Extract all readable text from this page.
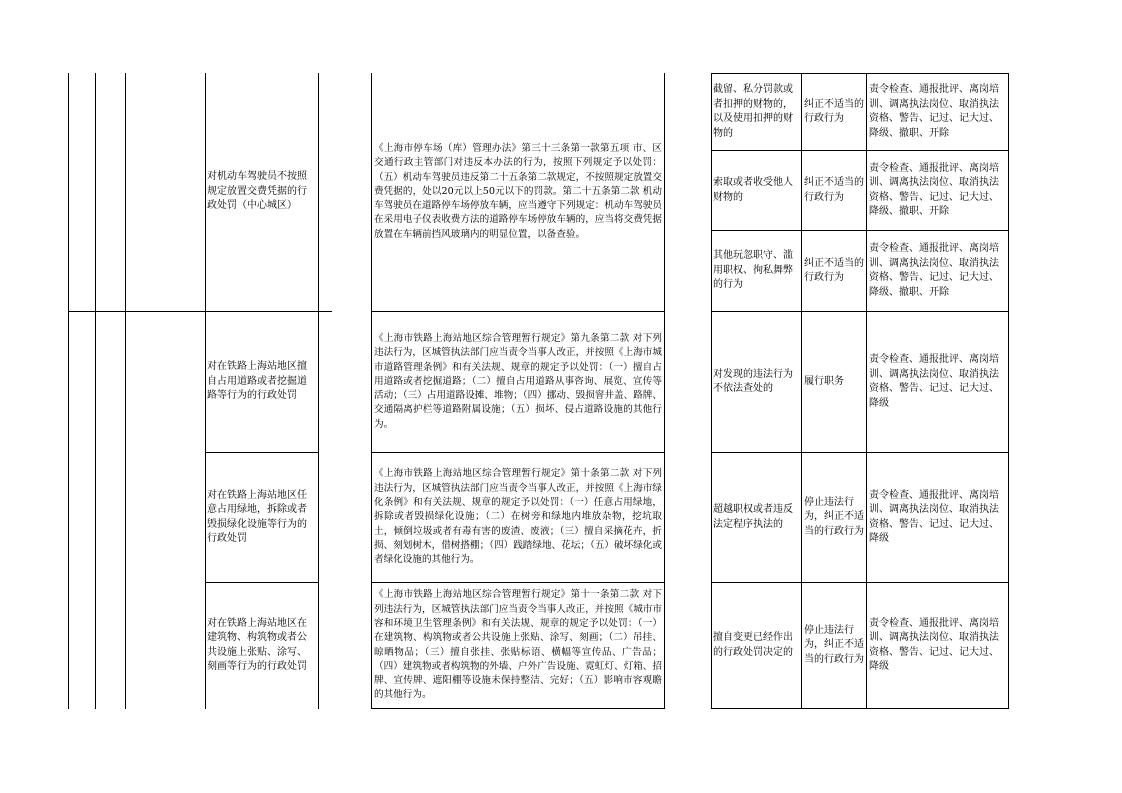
对机动车驾驶员不按照规定放置交费凭据的行政处罚（中心城区）
《上海市停车场（库）管理办法》第三十三条第一款第五项 市、区交通行政主管部门对违反本办法的行为，按照下列规定予以处罚：（五）机动车驾驶员违反第二十五条第二款规定，不按照规定放置交费凭据的，处以20元以上50元以下的罚款。第二十五条第二款 机动车驾驶员在道路停车场停放车辆，应当遵守下列规定：机动车驾驶员在采用电子仪表收费方法的道路停车场停放车辆的，应当将交费凭据放置在车辆前挡风玻璃内的明显位置，以备查验。
截留、私分罚款或者扣押的财物的，以及使用扣押的财物的
纠正不适当的行政行为
责令检查、通报批评、离岗培训、调离执法岗位、取消执法资格、警告、记过、记大过、降级、撤职、开除
索取或者收受他人财物的
纠正不适当的行政行为
责令检查、通报批评、离岗培训、调离执法岗位、取消执法资格、警告、记过、记大过、降级、撤职、开除
其他玩忽职守、滥用职权、徇私舞弊的行为
纠正不适当的行政行为
责令检查、通报批评、离岗培训、调离执法岗位、取消执法资格、警告、记过、记大过、降级、撤职、开除
对在铁路上海站地区擅自占用道路或者挖掘道路等行为的行政处罚
《上海市铁路上海站地区综合管理暂行规定》第九条第二款 对下列违法行为，区城管执法部门应当责令当事人改正，并按照《上海市城市道路管理条例》和有关法规、规章的规定予以处罚：（一）擅自占用道路或者挖掘道路；（二）擅自占用道路从事咨询、展览、宣传等活动；（三）占用道路设摊、堆物；（四）挪动、毁损窨井盖、路牌、交通隔离护栏等道路附属设施；（五）损坏、侵占道路设施的其他行为。
对发现的违法行为不依法查处的
履行职务
责令检查、通报批评、离岗培训、调离执法岗位、取消执法资格、警告、记过、记大过、降级
对在铁路上海站地区任意占用绿地，拆除或者毁损绿化设施等行为的行政处罚
《上海市铁路上海站地区综合管理暂行规定》第十条第二款 对下列违法行为，区城管执法部门应当责令当事人改正，并按照《上海市绿化条例》和有关法规、规章的规定予以处罚：（一）任意占用绿地，拆除或者毁损绿化设施；（二）在树旁和绿地内堆放杂物，挖坑取土，倾倒垃圾或者有毒有害的废渣、废液；（三）擅自采摘花卉，折损、刻划树木，借树搭棚；（四）践踏绿地、花坛；（五）破坏绿化或者绿化设施的其他行为。
超越职权或者违反法定程序执法的
停止违法行为，纠正不适当的行政行为
责令检查、通报批评、离岗培训、调离执法岗位、取消执法资格、警告、记过、记大过、降级
对在铁路上海站地区在建筑物、构筑物或者公共设施上张贴、涂写、刻画等行为的行政处罚
《上海市铁路上海站地区综合管理暂行规定》第十一条第二款 对下列违法行为，区城管执法部门应当责令当事人改正，并按照《城市市容和环境卫生管理条例》和有关法规、规章的规定予以处罚：（一）在建筑物、构筑物或者公共设施上张贴、涂写、刻画；（二）吊挂、晾晒物品；（三）擅自张挂、张贴标语、横幅等宣传品、广告品；（四）建筑物或者构筑物的外墙、户外广告设施、霓虹灯、灯箱、招牌、宣传牌、遮阳棚等设施未保持整洁、完好；（五）影响市容观瞻的其他行为。
擅自变更已经作出的行政处罚决定的
停止违法行为，纠正不适当的行政行为
责令检查、通报批评、离岗培训、调离执法岗位、取消执法资格、警告、记过、记大过、降级
